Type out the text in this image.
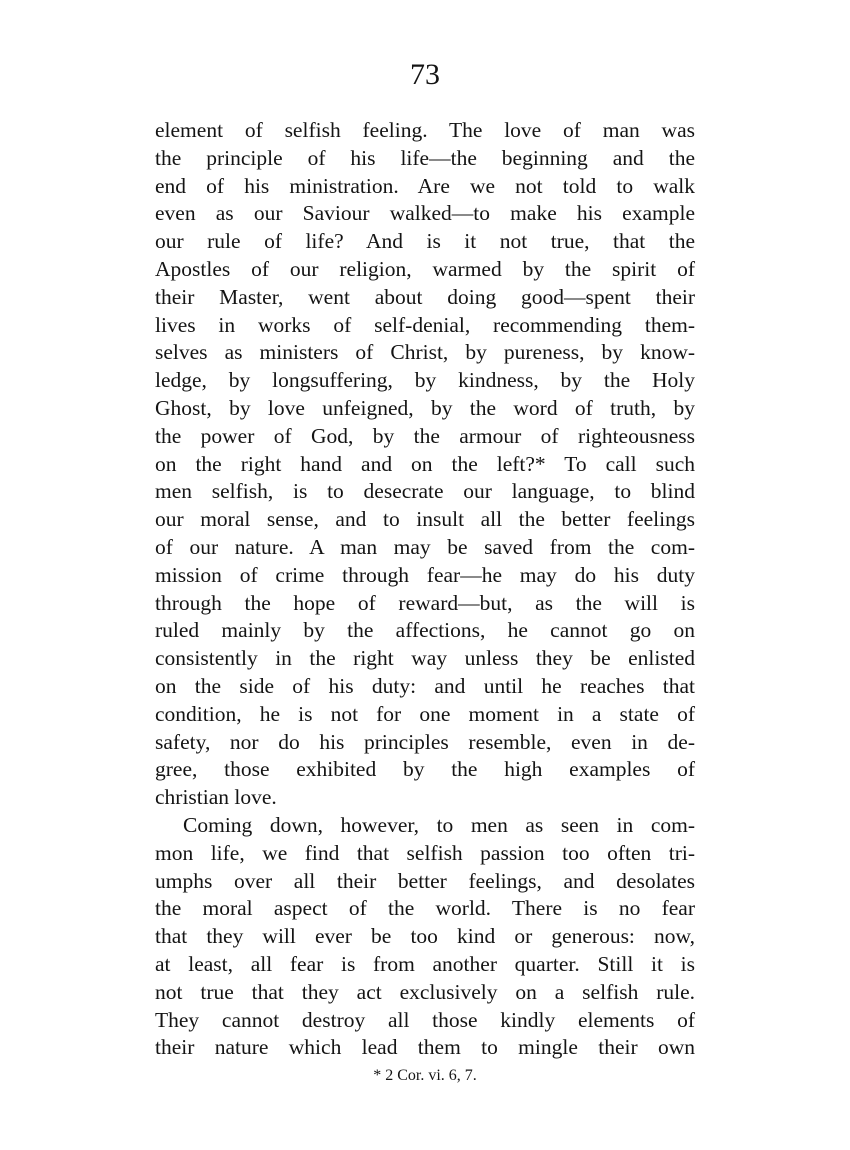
73
element of selfish feeling. The love of man was
the principle of his life—the beginning and the
end of his ministration. Are we not told to walk
even as our Saviour walked—to make his example
our rule of life? And is it not true, that the
Apostles of our religion, warmed by the spirit of
their Master, went about doing good—spent their
lives in works of self-denial, recommending them-
selves as ministers of Christ, by pureness, by know-
ledge, by longsuffering, by kindness, by the Holy
Ghost, by love unfeigned, by the word of truth, by
the power of God, by the armour of righteousness
on the right hand and on the left?* To call such
men selfish, is to desecrate our language, to blind
our moral sense, and to insult all the better feelings
of our nature. A man may be saved from the com-
mission of crime through fear—he may do his duty
through the hope of reward—but, as the will is
ruled mainly by the affections, he cannot go on
consistently in the right way unless they be enlisted
on the side of his duty: and until he reaches that
condition, he is not for one moment in a state of
safety, nor do his principles resemble, even in de-
gree, those exhibited by the high examples of
christian love.
Coming down, however, to men as seen in com-
mon life, we find that selfish passion too often tri-
umphs over all their better feelings, and desolates
the moral aspect of the world. There is no fear
that they will ever be too kind or generous: now,
at least, all fear is from another quarter. Still it is
not true that they act exclusively on a selfish rule.
They cannot destroy all those kindly elements of
their nature which lead them to mingle their own
* 2 Cor. vi. 6, 7.
